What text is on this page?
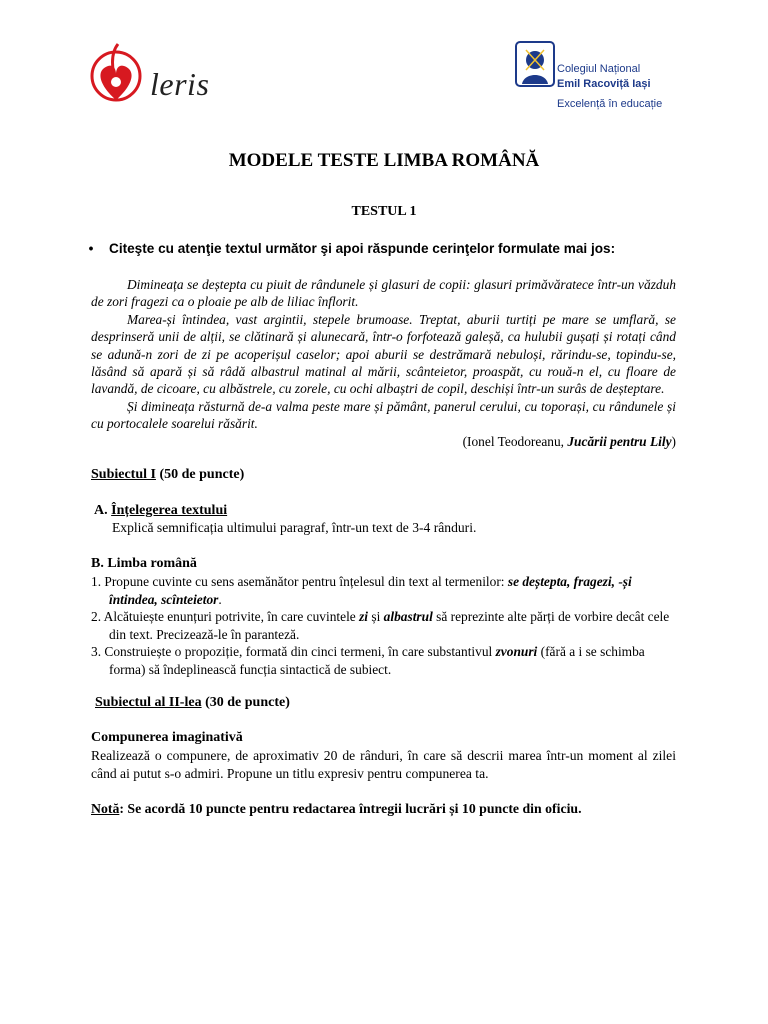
leris	Colegiul Național
Emil Racoviță Iași
Excelență în educație
MODELE TESTE LIMBA ROMÂNĂ
TESTUL 1

• Citeşte cu atenţie textul următor şi apoi răspunde cerinţelor formulate mai jos:

Dimineața se deștepta cu piuit de rândunele și glasuri de copii: glasuri primăvăratece într-un văzduh de zori fragezi ca o ploaie pe alb de liliac înflorit.

Marea-și întindea, vast argintii, stepele brumoase. Treptat, aburii turtiți pe mare se umflară, se desprinseră unii de alții, se clătinară și alunecară, într-o forfotează galeșă, ca hulubii gușați și rotați când se adună-n zori de zi pe acoperișul caselor; apoi aburii se destrămară nebuloși, rărindu-se, topindu-se, lăsând să apară și să râdă albastrul matinal al mării, scânteietor, proaspăt, cu rouă-n el, cu floare de lavandă, de cicoare, cu albăstrele, cu zorele, cu ochi albaștri de copil, deschiși într-un surâs de deșteptare.

Și dimineața răsturnă de-a valma peste mare și pământ, panerul cerului, cu toporași, cu rândunele și cu portocalele soarelui răsărit.

(Ionel Teodoreanu, Jucării pentru Lily)

Subiectul I (50 de puncte)
A. Înțelegerea textului
Explică semnificația ultimului paragraf, într-un text de 3-4 rânduri.
B. Limba română

1. Propune cuvinte cu sens asemănător pentru înțelesul din text al termenilor: se deștepta, fragezi, -și întindea, scînteietor.

2. Alcătuiește enunțuri potrivite, în care cuvintele zi și albastrul să reprezinte alte părți de vorbire decât cele din text. Precizează-le în paranteză.

3. Construiește o propoziție, formată din cinci termeni, în care substantivul zvonuri (fără a i se schimba forma) să îndeplinească funcția sintactică de subiect.

Subiectul al II-lea (30 de puncte)
Compunerea imaginativă
Realizează o compunere, de aproximativ 20 de rânduri, în care să descrii marea într-un moment al zilei când ai putut s-o admiri. Propune un titlu expresiv pentru compunerea ta.
Notă: Se acordă 10 puncte pentru redactarea întregii lucrări și 10 puncte din oficiu.
